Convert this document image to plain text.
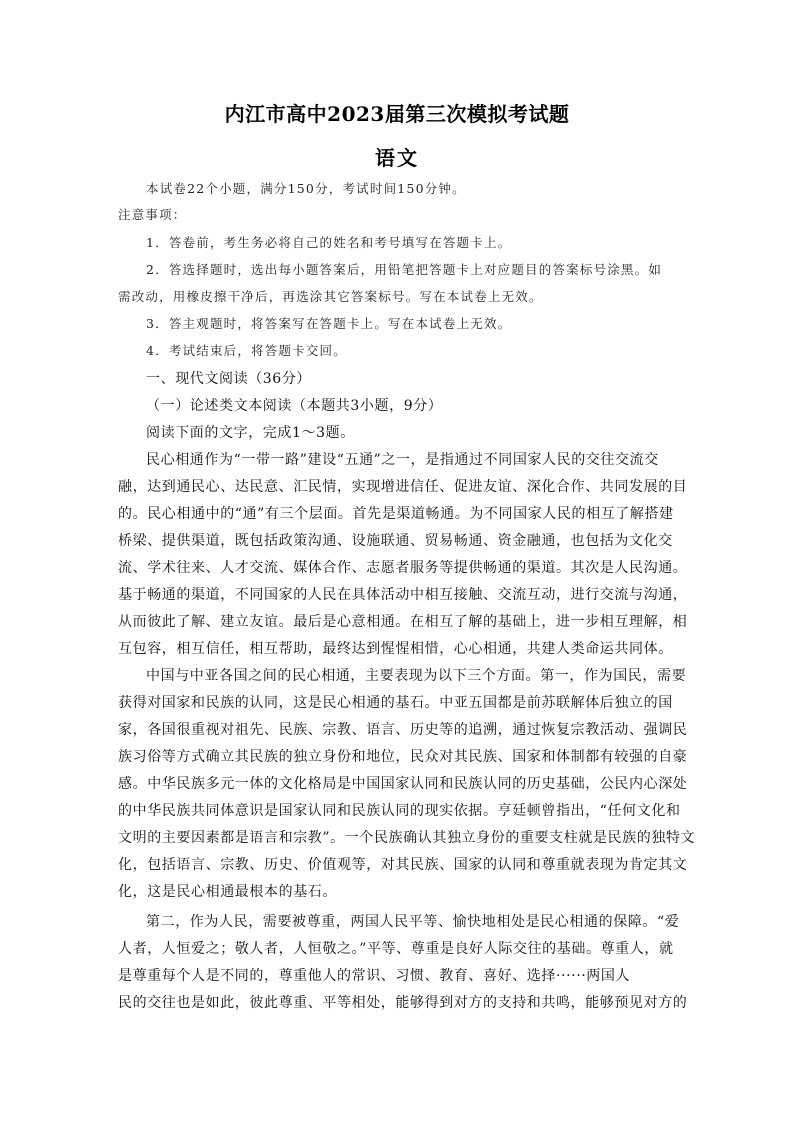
内江市高中2023届第三次模拟考试题
语文
本试卷22个小题，满分150分，考试时间150分钟。
注意事项：
1．答卷前，考生务必将自己的姓名和考号填写在答题卡上。
2．答选择题时，选出每小题答案后，用铅笔把答题卡上对应题目的答案标号涂黑。如
需改动，用橡皮擦干净后，再选涂其它答案标号。写在本试卷上无效。
3．答主观题时，将答案写在答题卡上。写在本试卷上无效。
4．考试结束后，将答题卡交回。
一、现代文阅读（36分）
（一）论述类文本阅读（本题共3小题，9分）
阅读下面的文字，完成1～3题。
民心相通作为“一带一路”建设“五通”之一，是指通过不同国家人民的交往交流交
融，达到通民心、达民意、汇民情，实现增进信任、促进友谊、深化合作、共同发展的目
的。民心相通中的“通”有三个层面。首先是渠道畅通。为不同国家人民的相互了解搭建
桥梁、提供渠道，既包括政策沟通、设施联通、贸易畅通、资金融通，也包括为文化交
流、学术往来、人才交流、媒体合作、志愿者服务等提供畅通的渠道。其次是人民沟通。
基于畅通的渠道，不同国家的人民在具体活动中相互接触、交流互动，进行交流与沟通，
从而彼此了解、建立友谊。最后是心意相通。在相互了解的基础上，进一步相互理解，相
互包容，相互信任，相互帮助，最终达到惺惺相惜，心心相通，共建人类命运共同体。
中国与中亚各国之间的民心相通，主要表现为以下三个方面。第一，作为国民，需要
获得对国家和民族的认同，这是民心相通的基石。中亚五国都是前苏联解体后独立的国
家，各国很重视对祖先、民族、宗教、语言、历史等的追溯，通过恢复宗教活动、强调民
族习俗等方式确立其民族的独立身份和地位，民众对其民族、国家和体制都有较强的自豪
感。中华民族多元一体的文化格局是中国国家认同和民族认同的历史基础，公民内心深处
的中华民族共同体意识是国家认同和民族认同的现实依据。亨廷顿曾指出，“任何文化和
文明的主要因素都是语言和宗教”。一个民族确认其独立身份的重要支柱就是民族的独特文
化，包括语言、宗教、历史、价值观等，对其民族、国家的认同和尊重就表现为肯定其文
化，这是民心相通最根本的基石。
第二，作为人民，需要被尊重，两国人民平等、愉快地相处是民心相通的保障。“爱
人者，人恒爱之；敬人者，人恒敬之。”平等、尊重是良好人际交往的基础。尊重人，就
是尊重每个人是不同的，尊重他人的常识、习惯、教育、喜好、选择······两国人
民的交往也是如此，彼此尊重、平等相处，能够得到对方的支持和共鸣，能够预见对方的
